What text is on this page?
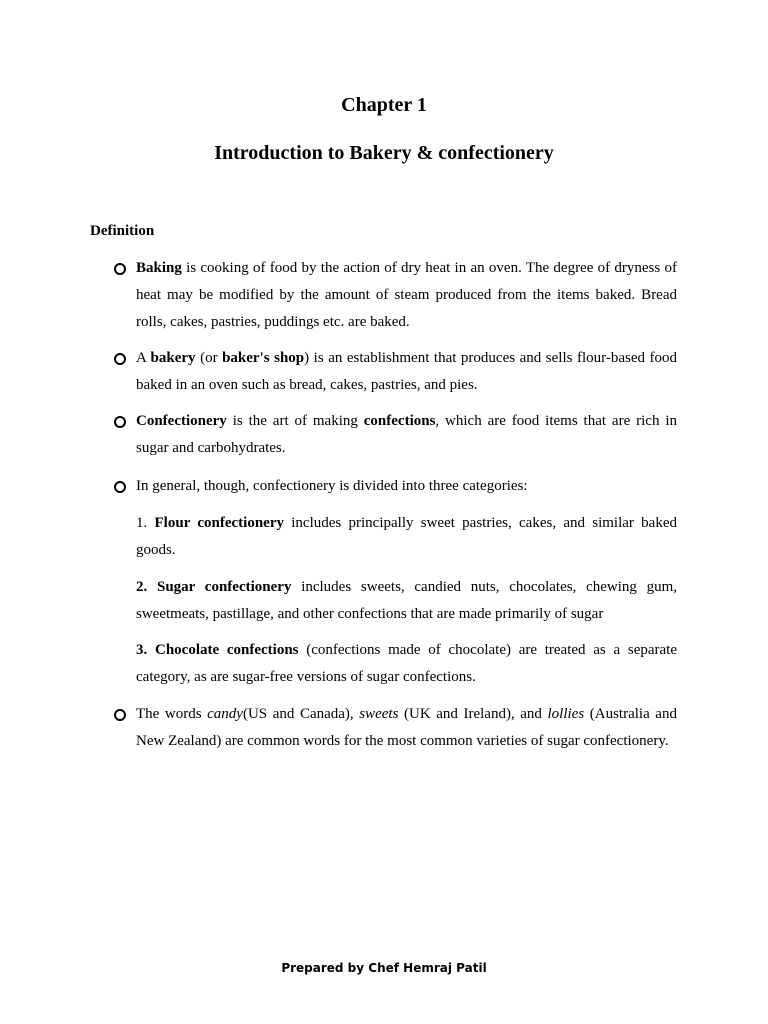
Chapter 1
Introduction to Bakery & confectionery
Definition
Baking is cooking of food by the action of dry heat in an oven. The degree of dryness of heat may be modified by the amount of steam produced from the items baked. Bread rolls, cakes, pastries, puddings etc. are baked.
A bakery (or baker's shop) is an establishment that produces and sells flour-based food baked in an oven such as bread, cakes, pastries, and pies.
Confectionery is the art of making confections, which are food items that are rich in sugar and carbohydrates.
In general, though, confectionery is divided into three categories:
1. Flour confectionery includes principally sweet pastries, cakes, and similar baked goods.
2. Sugar confectionery includes sweets, candied nuts, chocolates, chewing gum, sweetmeats, pastillage, and other confections that are made primarily of sugar
3. Chocolate confections (confections made of chocolate) are treated as a separate category, as are sugar-free versions of sugar confections.
The words candy(US and Canada), sweets (UK and Ireland), and lollies (Australia and New Zealand) are common words for the most common varieties of sugar confectionery.
Prepared by Chef Hemraj Patil
